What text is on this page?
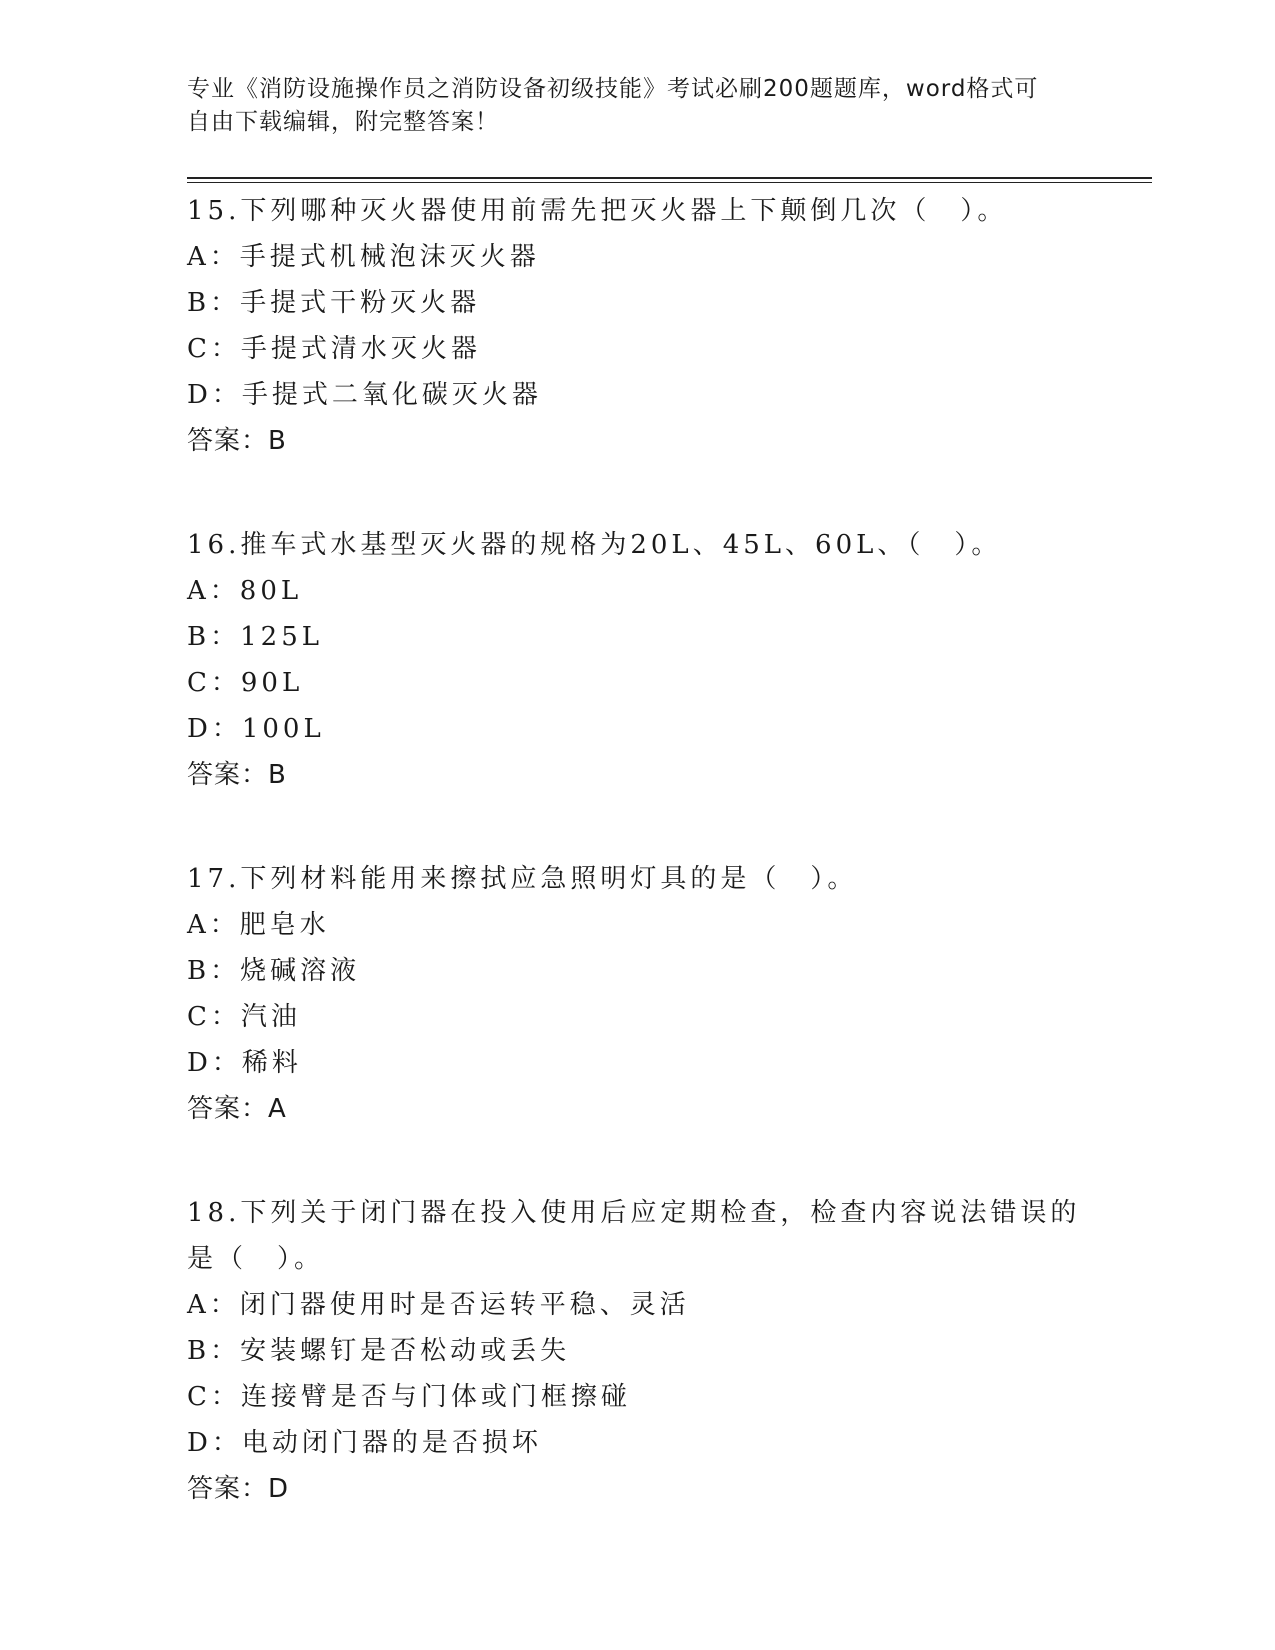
专业《消防设施操作员之消防设备初级技能》考试必刷200题题库，word格式可
自由下载编辑，附完整答案！

15.下列哪种灭火器使用前需先把灭火器上下颠倒几次（　）。

A：手提式机械泡沫灭火器

B：手提式干粉灭火器

C：手提式清水灭火器

D：手提式二氧化碳灭火器

答案：B

16.推车式水基型灭火器的规格为20L、45L、60L、（　）。

A：80L

B：125L

C：90L

D：100L

答案：B

17.下列材料能用来擦拭应急照明灯具的是（　）。

A：肥皂水

B：烧碱溶液

C：汽油

D：稀料

答案：A

18.下列关于闭门器在投入使用后应定期检查，检查内容说法错误的是（　）。

A：闭门器使用时是否运转平稳、灵活

B：安装螺钉是否松动或丢失

C：连接臂是否与门体或门框擦碰

D：电动闭门器的是否损坏

答案：D
